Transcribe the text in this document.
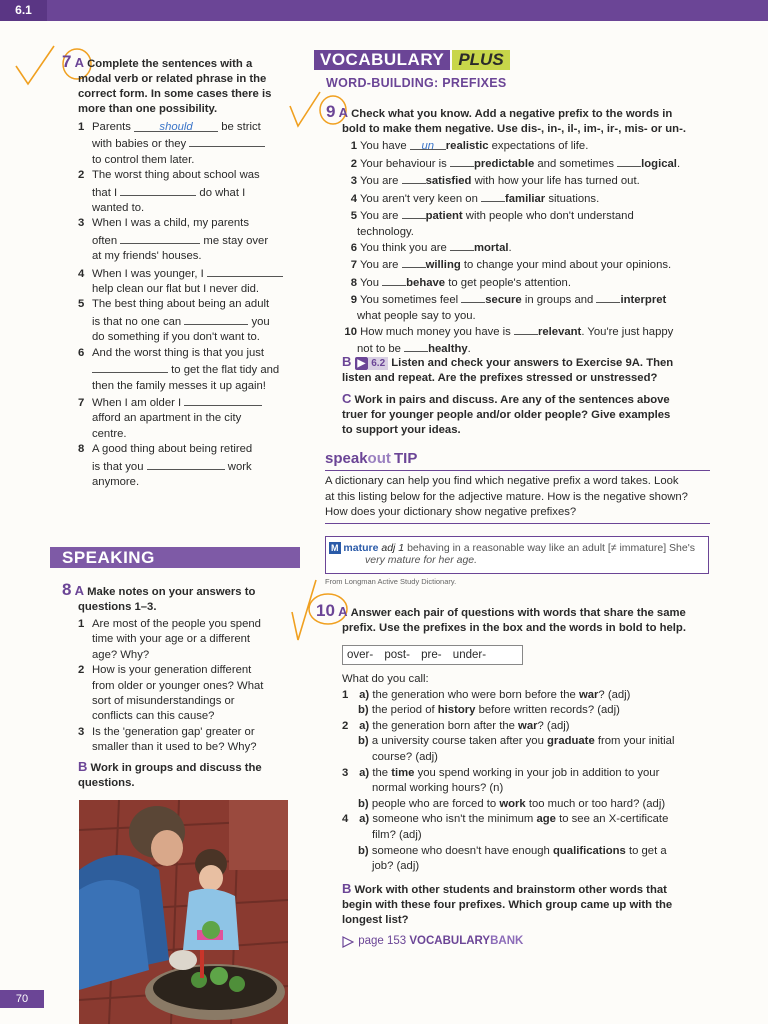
6.1
7 A Complete the sentences with a
modal verb or related phrase in the
correct form. In some cases there is
more than one possibility.
1 Parents	should	be strict
with babies or they
to control them later.
2 The worst thing about school was
that I	do what I
wanted to.
3 When I was a child, my parents
often	me stay over
at my friends' houses.
4 When I was younger, I
help clean our flat but I never did.
5 The best thing about being an adult
is that no one can	you
do something if you don't want to.
6 And the worst thing is that you just
to get the flat tidy and
then the family messes it up again!
7 When I am older I
afford an apartment in the city
centre.
8 A good thing about being retired
is that you	work
anymore.
SPEAKING
8 A Make notes on your answers to
questions 1–3.
1 Are most of the people you spend
time with your age or a different
age? Why?
2 How is your generation different
from older or younger ones? What
sort of misunderstandings or
conflicts can this cause?
3 Is the 'generation gap' greater or
smaller than it used to be? Why?
B Work in groups and discuss the
questions.
70
VOCABULARY PLUS
WORD-BUILDING: PREFIXES
9 A Check what you know. Add a negative prefix to the words in
bold to make them negative. Use dis-, in-, il-, im-, ir-, mis- or un-.
1 You have un realistic expectations of life.
2 Your behaviour is predictable and sometimes logical.
3 You are satisfied with how your life has turned out.
4 You aren't very keen on familiar situations.
5 You are patient with people who don't understand
technology.
6 You think you are mortal.
7 You are willing to change your mind about your opinions.
8 You behave to get people's attention.
9 You sometimes feel secure in groups and interpret
what people say to you.
10 How much money you have is relevant. You're just happy
not to be healthy.
B ▶ 6.2 Listen and check your answers to Exercise 9A. Then
listen and repeat. Are the prefixes stressed or unstressed?
C Work in pairs and discuss. Are any of the sentences above
truer for younger people and/or older people? Give examples
to support your ideas.
speakout TIP
A dictionary can help you find which negative prefix a word takes. Look
at this listing below for the adjective mature. How is the negative shown?
How does your dictionary show negative prefixes?
M mature adj 1 behaving in a reasonable way like an adult [≠ immature] She's
very mature for her age.
From Longman Active Study Dictionary.
10 A Answer each pair of questions with words that share the same
prefix. Use the prefixes in the box and the words in bold to help.
over- post- pre- under-
What do you call:
1 a) the generation who were born before the war? (adj)
b) the period of history before written records? (adj)
2 a) the generation born after the war? (adj)
b) a university course taken after you graduate from your initial
course? (adj)
3 a) the time you spend working in your job in addition to your
normal working hours? (n)
b) people who are forced to work too much or too hard? (adj)
4 a) someone who isn't the minimum age to see an X-certificate
film? (adj)
b) someone who doesn't have enough qualifications to get a
job? (adj)
B Work with other students and brainstorm other words that
begin with these four prefixes. Which group came up with the
longest list?

page 153 VOCABULARYBANK
